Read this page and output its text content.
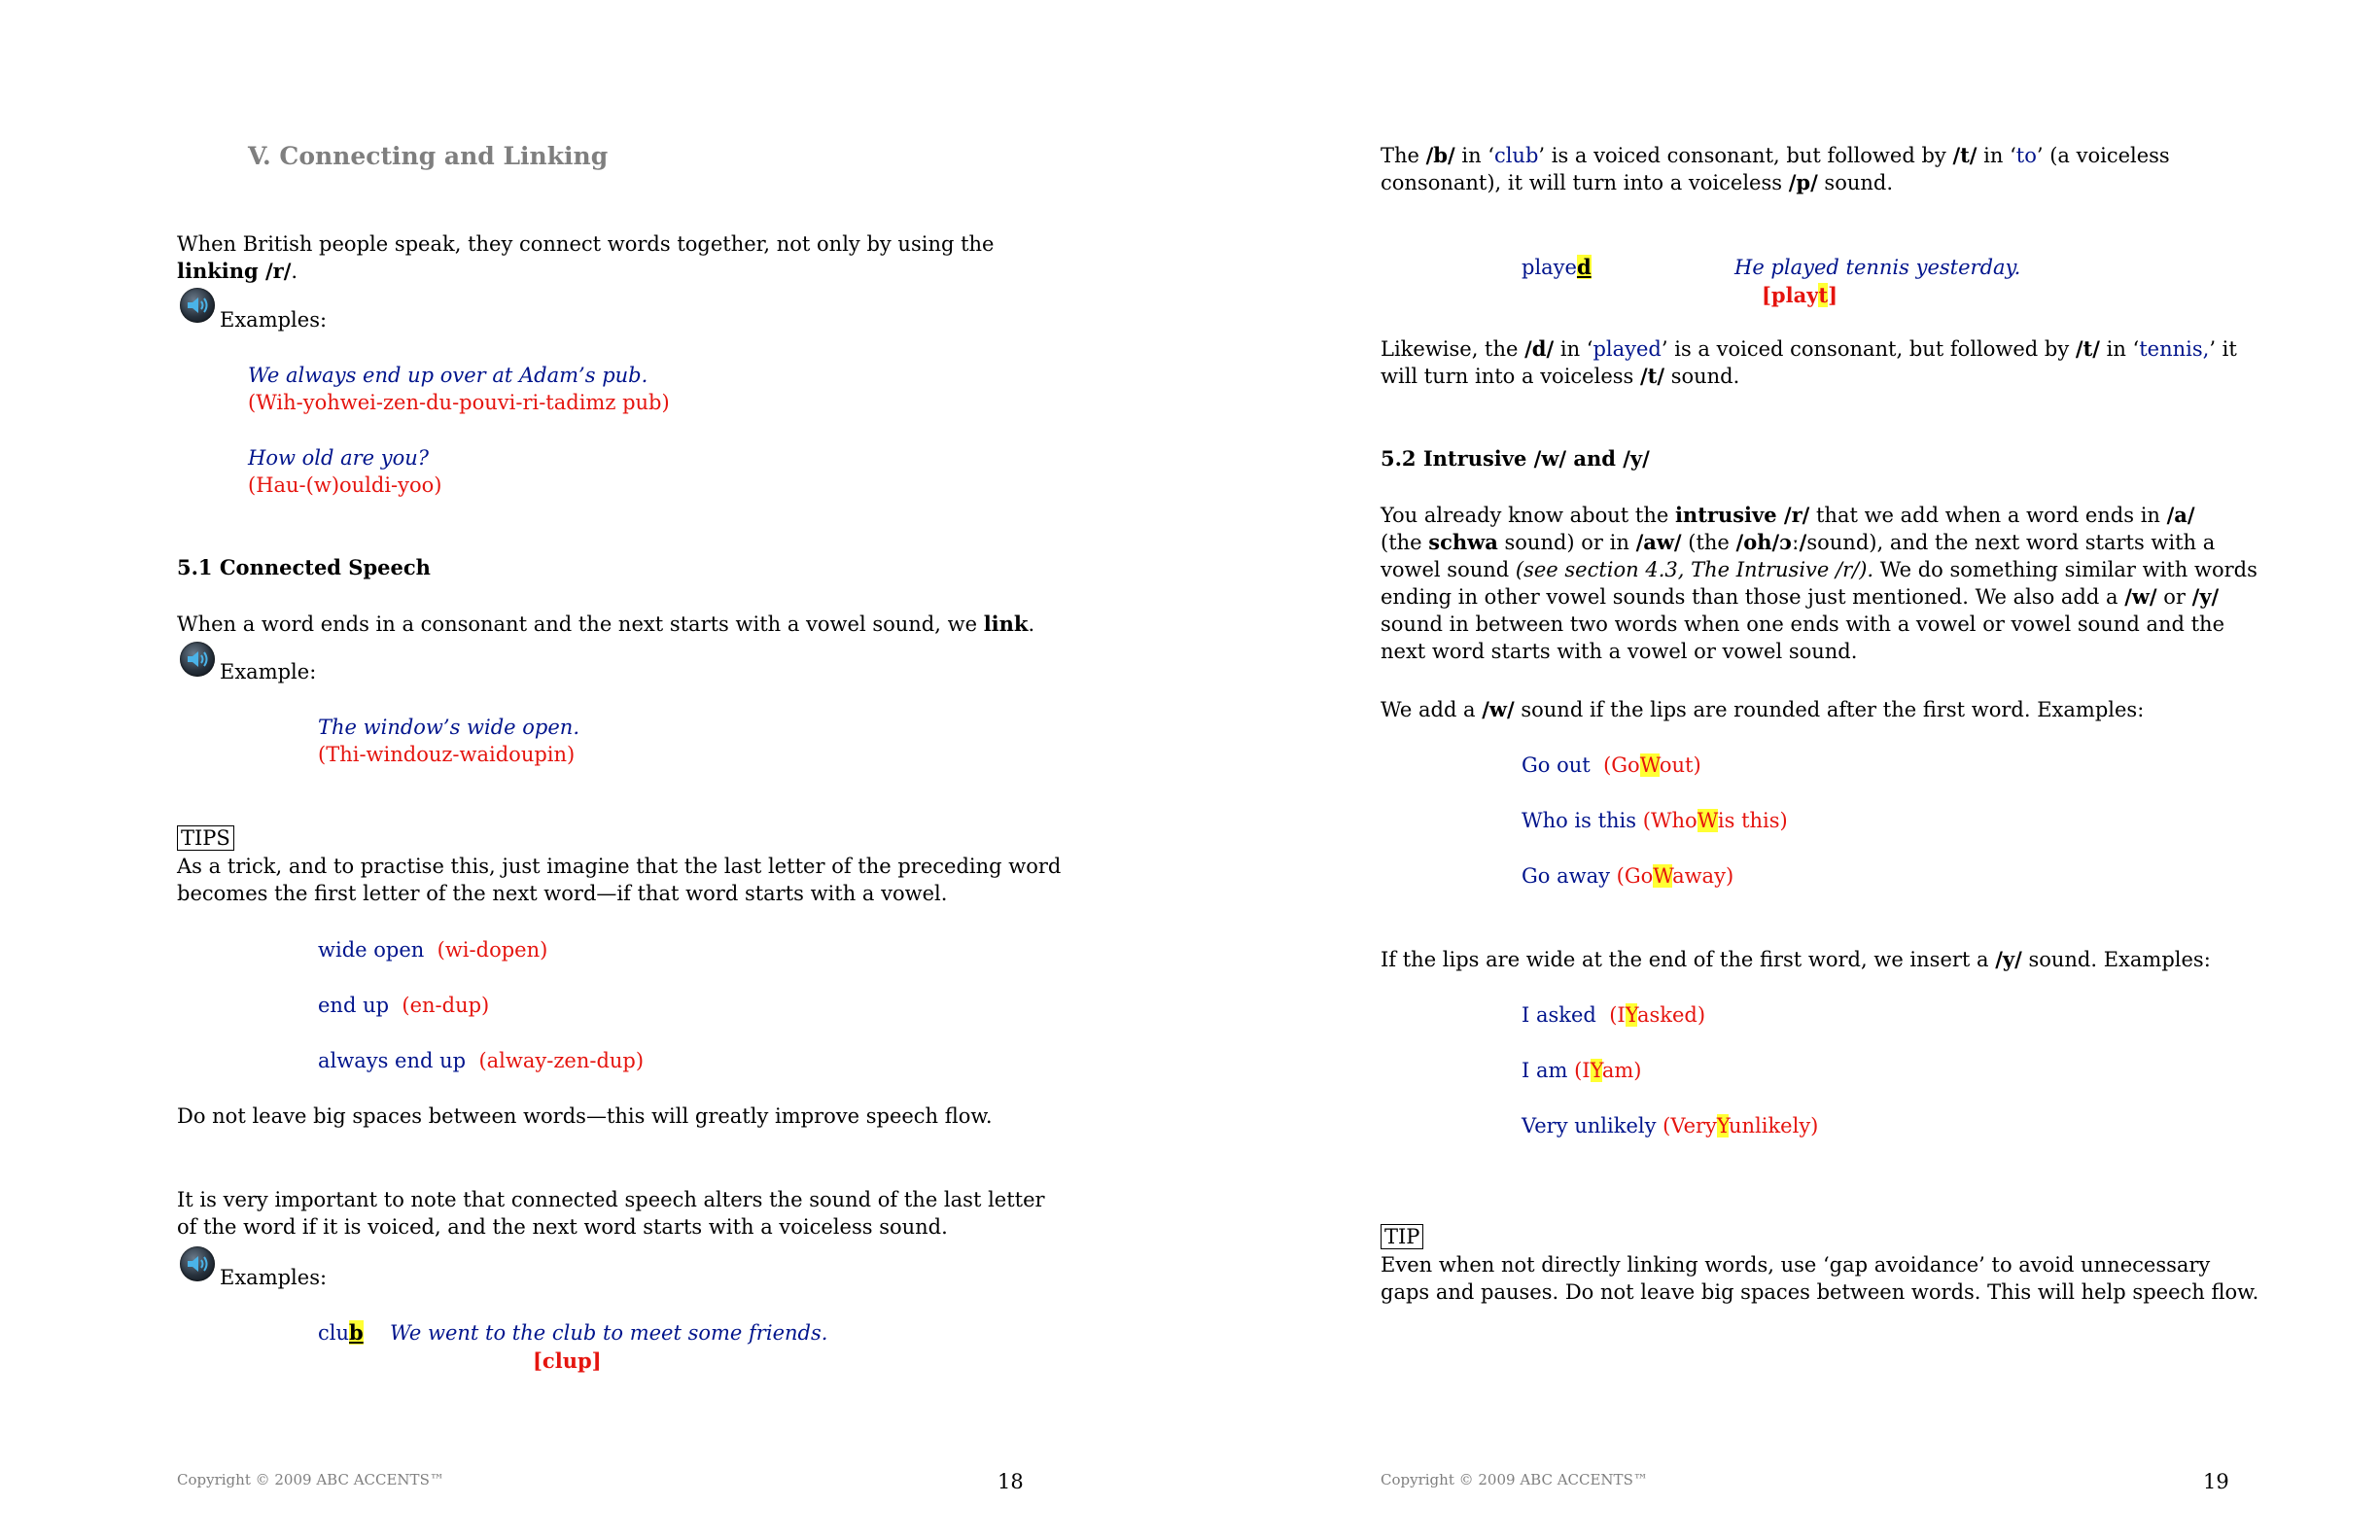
V. Connecting and Linking
When British people speak, they connect words together, not only by using the
linking /r/.
Examples:
We always end up over at Adam’s pub.
(Wih-yohwei-zen-du-pouvi-ri-tadimz pub)
How old are you?
(Hau-(w)ouldi-yoo)
5.1 Connected Speech
When a word ends in a consonant and the next starts with a vowel sound, we link.
Example:
The window’s wide open.
(Thi-windouz-waidoupin)
TIPS
As a trick, and to practise this, just imagine that the last letter of the preceding word
becomes the first letter of the next word—if that word starts with a vowel.
wide open (wi-dopen)
end up (en-dup)
always end up (alway-zen-dup)
Do not leave big spaces between words—this will greatly improve speech flow.
It is very important to note that connected speech alters the sound of the last letter
of the word if it is voiced, and the next word starts with a voiceless sound.
Examples:
club We went to the club to meet some friends.
[clup]
Copyright © 2009 ABC ACCENTS™	18
The /b/ in ‘club’ is a voiced consonant, but followed by /t/ in ‘to’ (a voiceless
consonant), it will turn into a voiceless /p/ sound.
played	He played tennis yesterday.
[playt]
Likewise, the /d/ in ‘played’ is a voiced consonant, but followed by /t/ in ‘tennis,’ it
will turn into a voiceless /t/ sound.
5.2 Intrusive /w/ and /y/
You already know about the intrusive /r/ that we add when a word ends in /a/
(the schwa sound) or in /aw/ (the /oh/ɔː/sound), and the next word starts with a
vowel sound (see section 4.3, The Intrusive /r/). We do something similar with words
ending in other vowel sounds than those just mentioned. We also add a /w/ or /y/
sound in between two words when one ends with a vowel or vowel sound and the
next word starts with a vowel or vowel sound.
We add a /w/ sound if the lips are rounded after the first word. Examples:
Go out (GoWout)
Who is this (WhoWis this)
Go away (GoWaway)
If the lips are wide at the end of the first word, we insert a /y/ sound. Examples:
I asked (IYasked)
I am (IYam)
Very unlikely (VeryYunlikely)
TIP
Even when not directly linking words, use ‘gap avoidance’ to avoid unnecessary
gaps and pauses. Do not leave big spaces between words. This will help speech flow.
Copyright © 2009 ABC ACCENTS™	19
